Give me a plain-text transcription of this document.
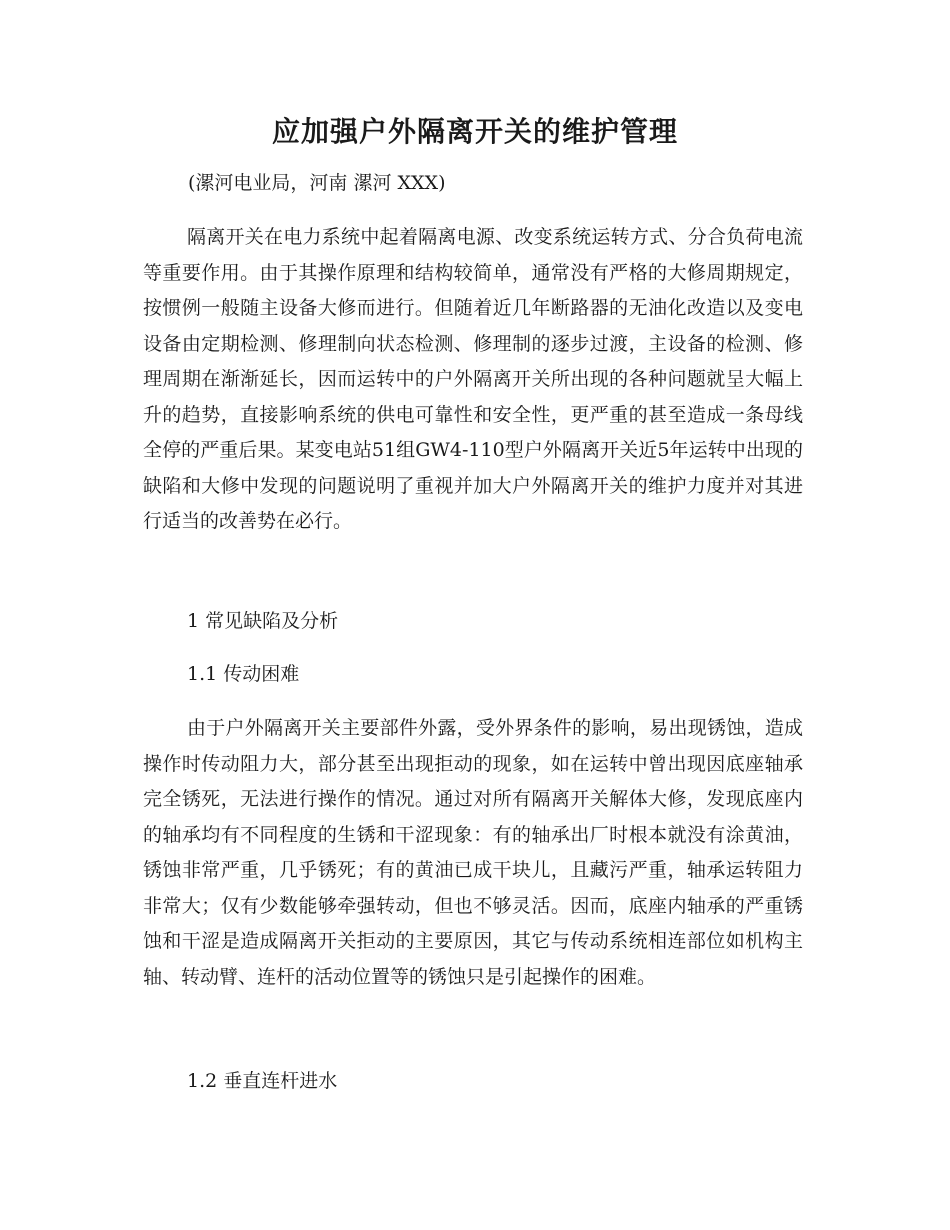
应加强户外隔离开关的维护管理
(漯河电业局，河南 漯河 XXX)

隔离开关在电力系统中起着隔离电源、改变系统运转方式、分合负荷电流等重要作用。由于其操作原理和结构较简单，通常没有严格的大修周期规定，按惯例一般随主设备大修而进行。但随着近几年断路器的无油化改造以及变电设备由定期检测、修理制向状态检测、修理制的逐步过渡，主设备的检测、修理周期在渐渐延长，因而运转中的户外隔离开关所出现的各种问题就呈大幅上升的趋势，直接影响系统的供电可靠性和安全性，更严重的甚至造成一条母线全停的严重后果。某变电站51组GW4-110型户外隔离开关近5年运转中出现的缺陷和大修中发现的问题说明了重视并加大户外隔离开关的维护力度并对其进行适当的改善势在必行。

1 常见缺陷及分析
1.1 传动困难

由于户外隔离开关主要部件外露，受外界条件的影响，易出现锈蚀，造成操作时传动阻力大，部分甚至出现拒动的现象，如在运转中曾出现因底座轴承完全锈死，无法进行操作的情况。通过对所有隔离开关解体大修，发现底座内的轴承均有不同程度的生锈和干涩现象：有的轴承出厂时根本就没有涂黄油，锈蚀非常严重，几乎锈死；有的黄油已成干块儿，且藏污严重，轴承运转阻力非常大；仅有少数能够牵强转动，但也不够灵活。因而，底座内轴承的严重锈蚀和干涩是造成隔离开关拒动的主要原因，其它与传动系统相连部位如机构主轴、转动臂、连杆的活动位置等的锈蚀只是引起操作的困难。

1.2 垂直连杆进水
